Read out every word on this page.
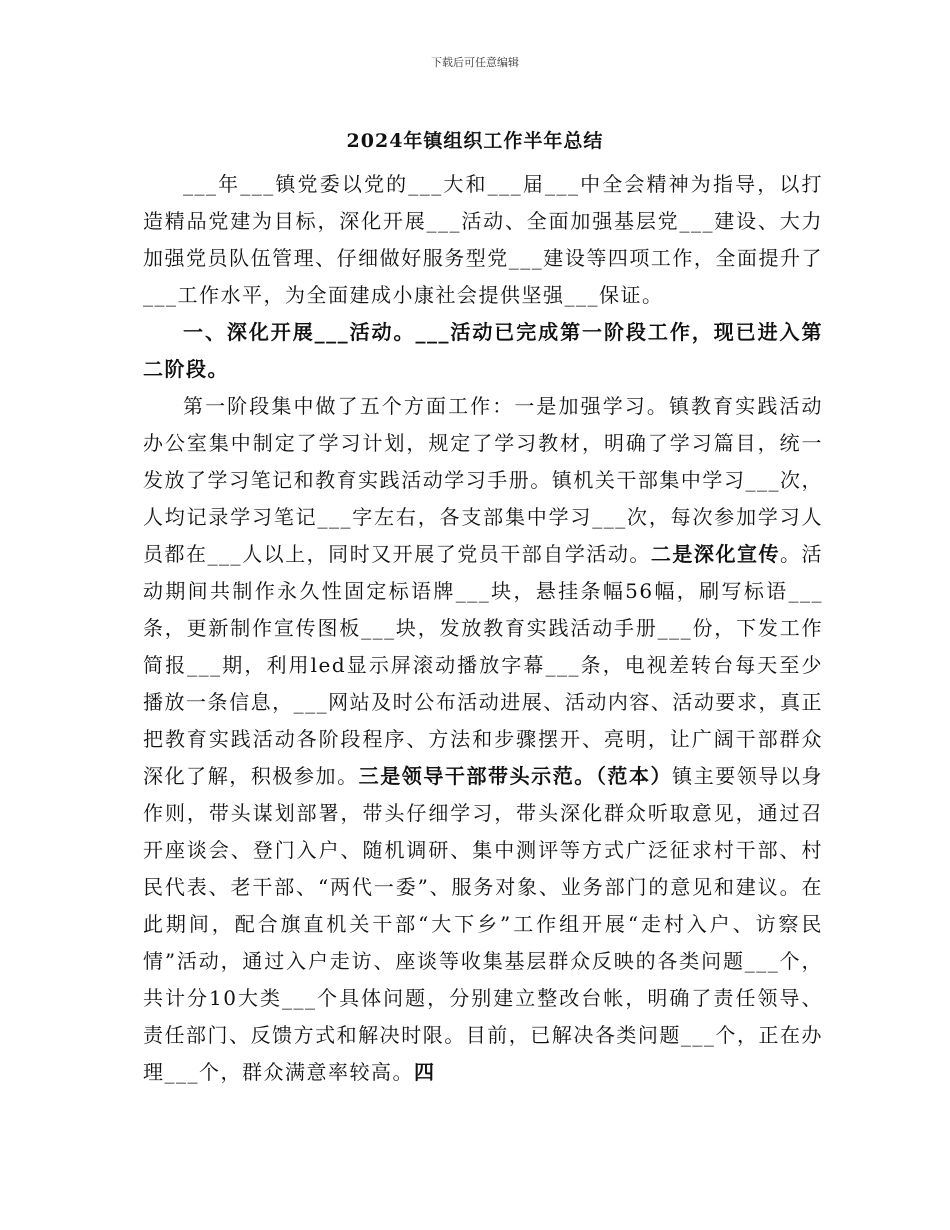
下载后可任意编辑
2024年镇组织工作半年总结

___年___镇党委以党的___大和___届___中全会精神为指导，以打造精品党建为目标，深化开展___活动、全面加强基层党___建设、大力加强党员队伍管理、仔细做好服务型党___建设等四项工作，全面提升了___工作水平，为全面建成小康社会提供坚强___保证。

一、深化开展___活动。___活动已完成第一阶段工作，现已进入第二阶段。

第一阶段集中做了五个方面工作：一是加强学习。镇教育实践活动办公室集中制定了学习计划，规定了学习教材，明确了学习篇目，统一发放了学习笔记和教育实践活动学习手册。镇机关干部集中学习___次，人均记录学习笔记___字左右，各支部集中学习___次，每次参加学习人员都在___人以上，同时又开展了党员干部自学活动。二是深化宣传。活动期间共制作永久性固定标语牌___块，悬挂条幅56幅，刷写标语___条，更新制作宣传图板___块，发放教育实践活动手册___份，下发工作简报___期，利用led显示屏滚动播放字幕___条，电视差转台每天至少播放一条信息，___网站及时公布活动进展、活动内容、活动要求，真正把教育实践活动各阶段程序、方法和步骤摆开、亮明，让广阔干部群众深化了解，积极参加。三是领导干部带头示范。（范本）镇主要领导以身作则，带头谋划部署，带头仔细学习，带头深化群众听取意见，通过召开座谈会、登门入户、随机调研、集中测评等方式广泛征求村干部、村民代表、老干部、“两代一委”、服务对象、业务部门的意见和建议。在此期间，配合旗直机关干部“大下乡”工作组开展“走村入户、访察民情”活动，通过入户走访、座谈等收集基层群众反映的各类问题___个，共计分10大类___个具体问题，分别建立整改台帐，明确了责任领导、责任部门、反馈方式和解决时限。目前，已解决各类问题___个，正在办理___个，群众满意率较高。四
